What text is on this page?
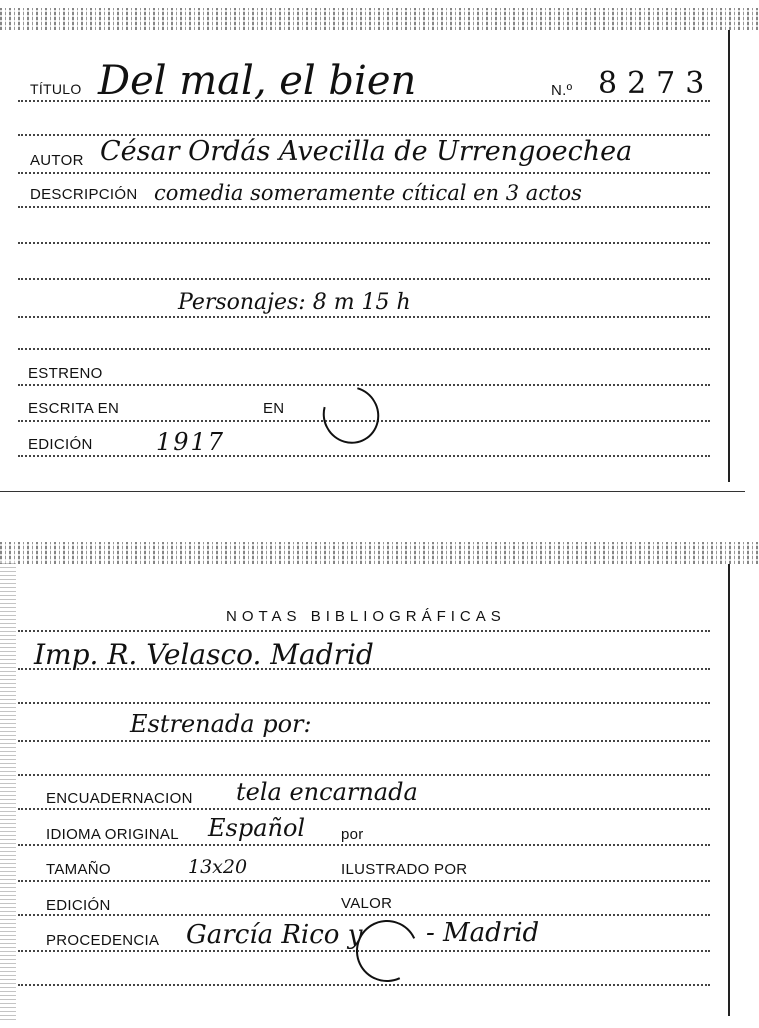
TÍTULO Del mal, el bien	N.º 8273
AUTOR César Ordás Avecilla de Urrengoechea
DESCRIPCIÓN comedia someramente cítical en 3 actos
Personajes: 8 m 15 h
ESTRENO
ESCRITA EN	EN
EDICIÓN	1917
NOTAS BIBLIOGRÁFICAS
Imp. R. Velasco. Madrid
Estrenada por:
ENCUADERNACION tela encarnada
IDIOMA ORIGINAL Español por
TAMAÑO	13x20	ILUSTRADO POR
EDICIÓN	VALOR
PROCEDENCIA García Rico y - Madrid
